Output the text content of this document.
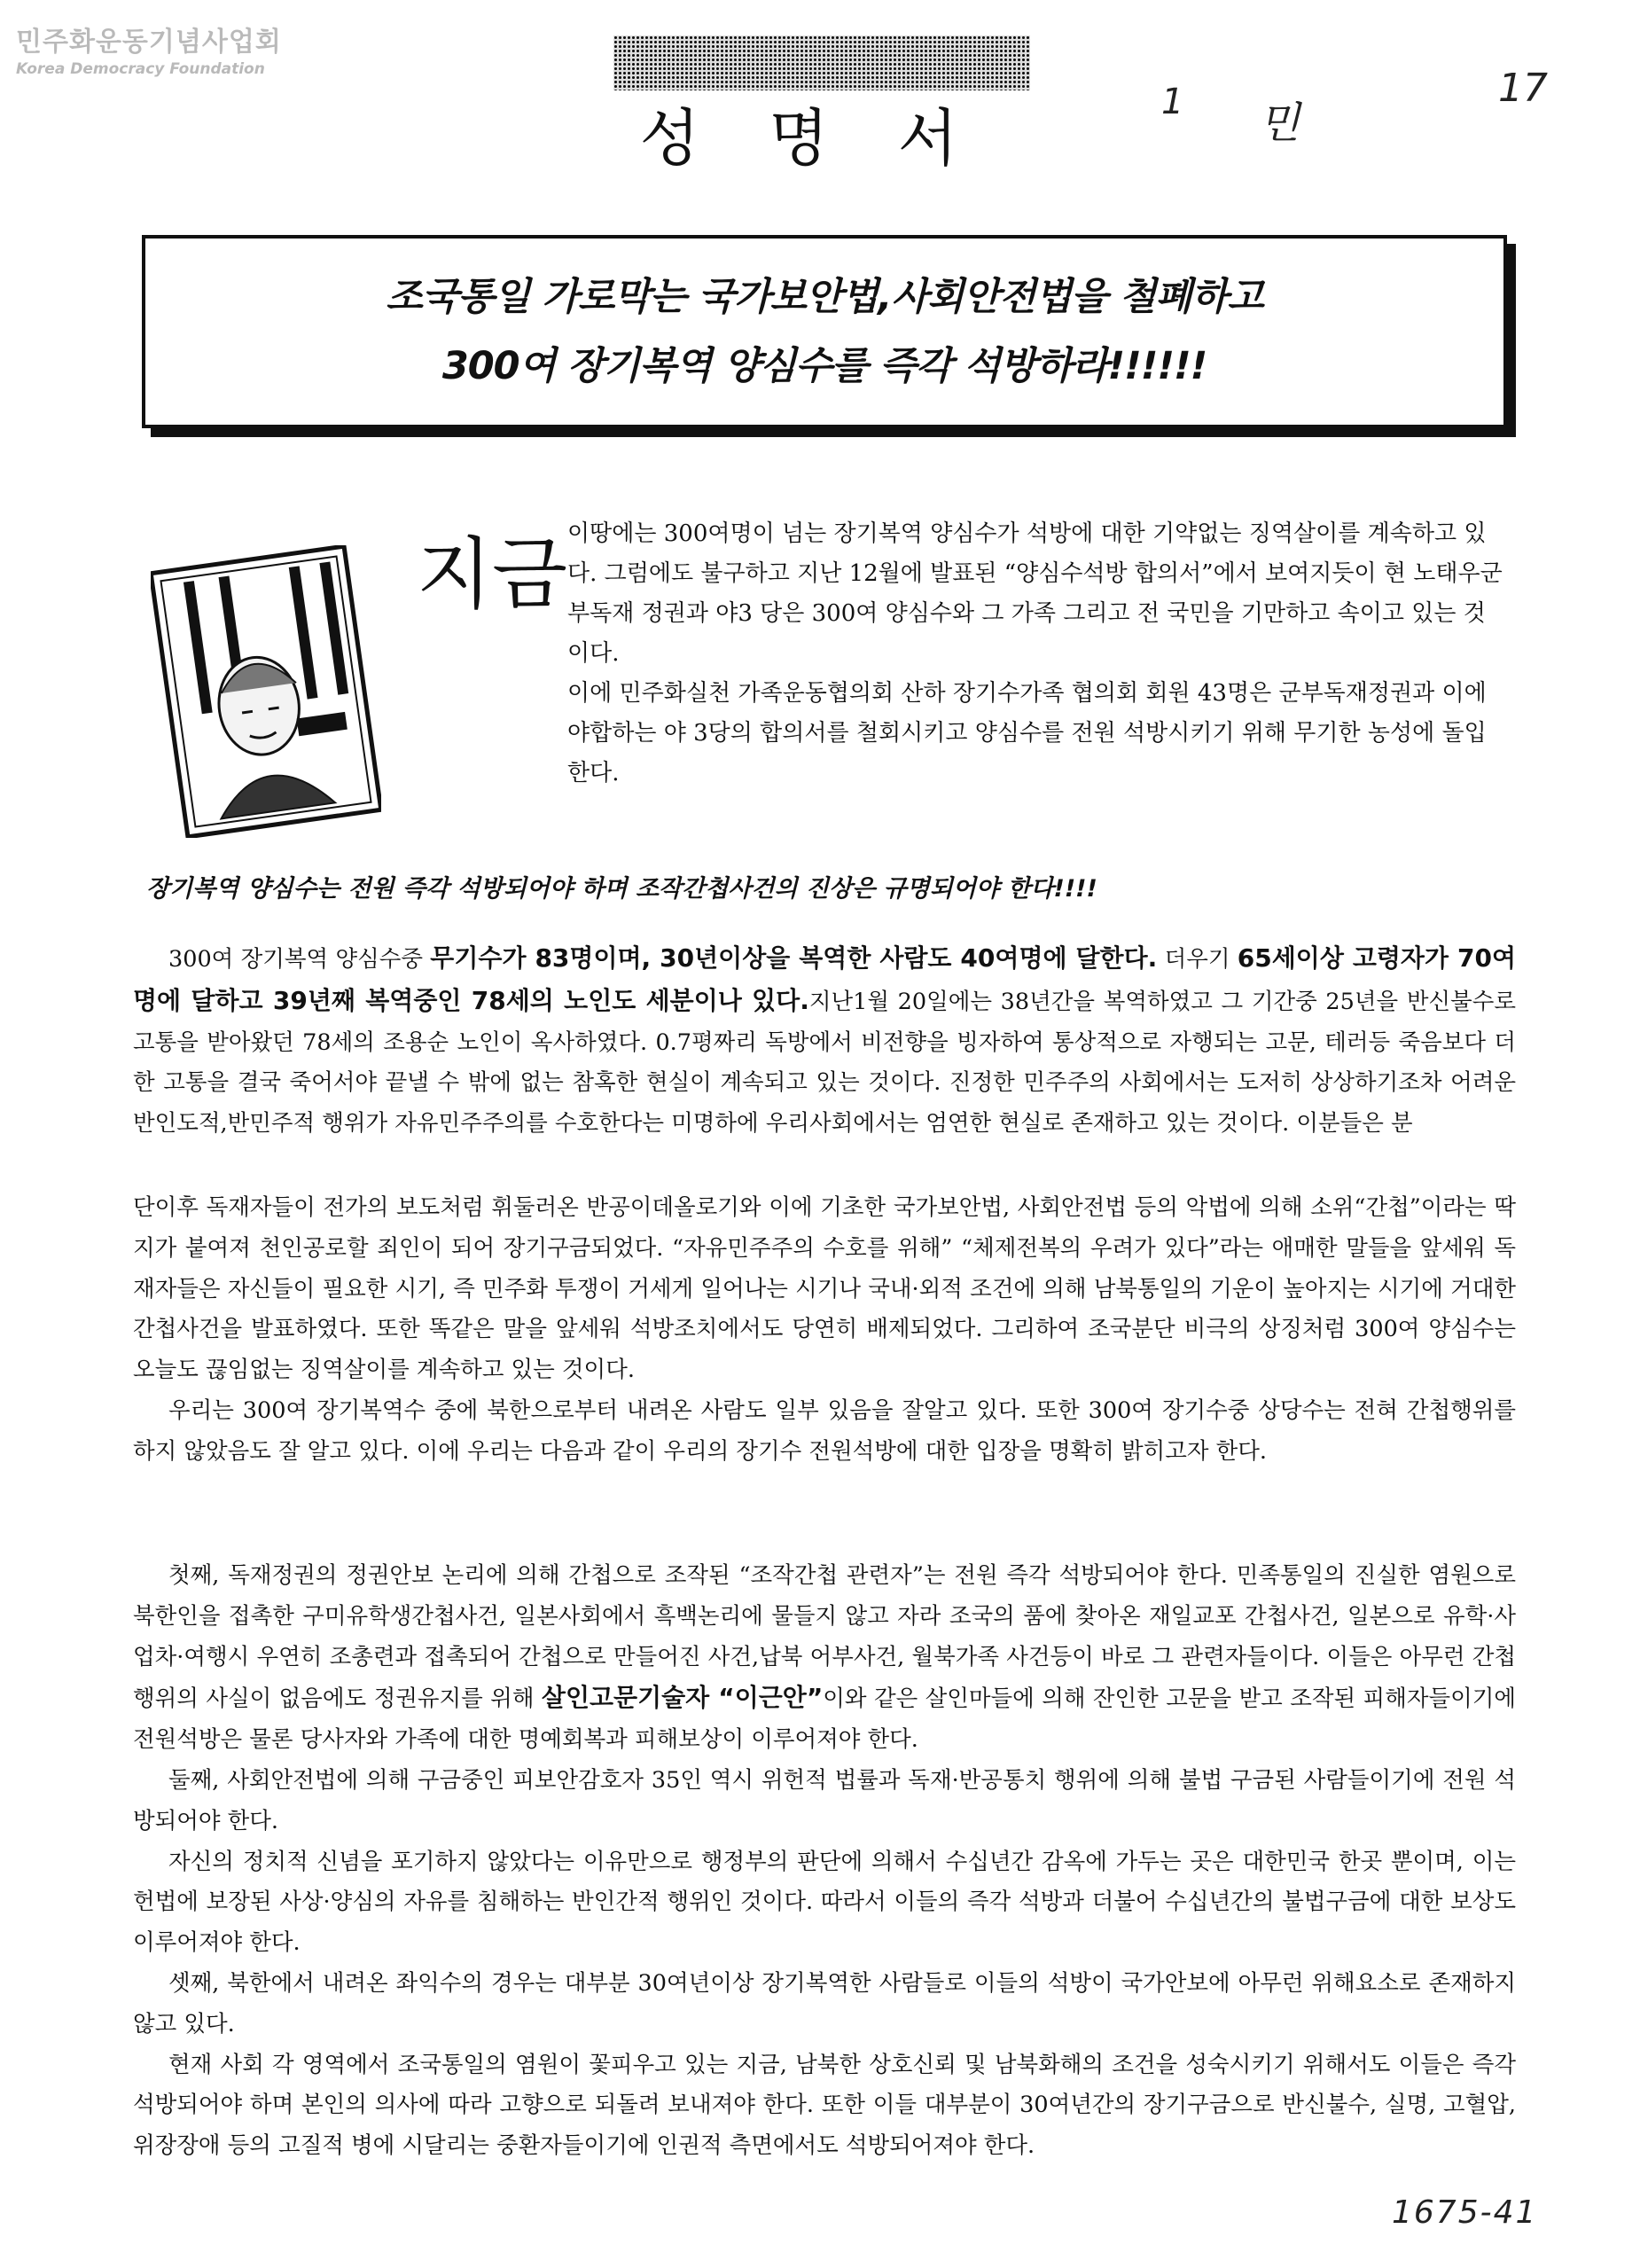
민주화운동기념사업회
Korea Democracy Foundation
성명서	1 민
17
조국통일 가로막는 국가보안법,사회안전법을 철폐하고
300여 장기복역 양심수를 즉각 석방하라!!!!!!
지금 이땅에는 300여명이 넘는 장기복역 양심수가 석방에 대한 기약없는 징역살이를 계속하고 있다. 그럼에도 불구하고 지난 12월에 발표된 “양심수석방 합의서”에서 보여지듯이 현 노태우군부독재 정권과 야3 당은 300여 양심수와 그 가족 그리고 전 국민을 기만하고 속이고 있는 것이다.

이에 민주화실천 가족운동협의회 산하 장기수가족 협의회 회원 43명은 군부독재정권과 이에 야합하는 야 3당의 합의서를 철회시키고 양심수를 전원 석방시키기 위해 무기한 농성에 돌입한다.

장기복역 양심수는 전원 즉각 석방되어야 하며 조작간첩사건의 진상은 규명되어야 한다!!!!

300여 장기복역 양심수중 무기수가 83명이며, 30년이상을 복역한 사람도 40여명에 달한다. 더우기 65세이상 고령자가 70여명에 달하고 39년째 복역중인 78세의 노인도 세분이나 있다.지난1월 20일에는 38년간을 복역하였고 그 기간중 25년을 반신불수로 고통을 받아왔던 78세의 조용순 노인이 옥사하였다. 0.7평짜리 독방에서 비전향을 빙자하여 통상적으로 자행되는 고문, 테러등 죽음보다 더한 고통을 결국 죽어서야 끝낼 수 밖에 없는 참혹한 현실이 계속되고 있는 것이다. 진정한 민주주의 사회에서는 도저히 상상하기조차 어려운 반인도적,반민주적 행위가 자유민주주의를 수호한다는 미명하에 우리사회에서는 엄연한 현실로 존재하고 있는 것이다. 이분들은 분

단이후 독재자들이 전가의 보도처럼 휘둘러온 반공이데올로기와 이에 기초한 국가보안법, 사회안전법 등의 악법에 의해 소위“간첩”이라는 딱지가 붙여져 천인공로할 죄인이 되어 장기구금되었다. “자유민주주의 수호를 위해” “체제전복의 우려가 있다”라는 애매한 말들을 앞세워 독재자들은 자신들이 필요한 시기, 즉 민주화 투쟁이 거세게 일어나는 시기나 국내·외적 조건에 의해 남북통일의 기운이 높아지는 시기에 거대한 간첩사건을 발표하였다. 또한 똑같은 말을 앞세워 석방조치에서도 당연히 배제되었다. 그리하여 조국분단 비극의 상징처럼 300여 양심수는 오늘도 끊임없는 징역살이를 계속하고 있는 것이다.

우리는 300여 장기복역수 중에 북한으로부터 내려온 사람도 일부 있음을 잘알고 있다. 또한 300여 장기수중 상당수는 전혀 간첩행위를 하지 않았음도 잘 알고 있다. 이에 우리는 다음과 같이 우리의 장기수 전원석방에 대한 입장을 명확히 밝히고자 한다.

첫째, 독재정권의 정권안보 논리에 의해 간첩으로 조작된 “조작간첩 관련자”는 전원 즉각 석방되어야 한다. 민족통일의 진실한 염원으로 북한인을 접촉한 구미유학생간첩사건, 일본사회에서 흑백논리에 물들지 않고 자라 조국의 품에 찾아온 재일교포 간첩사건, 일본으로 유학·사업차·여행시 우연히 조총련과 접촉되어 간첩으로 만들어진 사건,납북 어부사건, 월북가족 사건등이 바로 그 관련자들이다. 이들은 아무런 간첩행위의 사실이 없음에도 정권유지를 위해 살인고문기술자 “이근안”이와 같은 살인마들에 의해 잔인한 고문을 받고 조작된 피해자들이기에 전원석방은 물론 당사자와 가족에 대한 명예회복과 피해보상이 이루어져야 한다.

둘째, 사회안전법에 의해 구금중인 피보안감호자 35인 역시 위헌적 법률과 독재·반공통치 행위에 의해 불법 구금된 사람들이기에 전원 석방되어야 한다.

자신의 정치적 신념을 포기하지 않았다는 이유만으로 행정부의 판단에 의해서 수십년간 감옥에 가두는 곳은 대한민국 한곳 뿐이며, 이는 헌법에 보장된 사상·양심의 자유를 침해하는 반인간적 행위인 것이다. 따라서 이들의 즉각 석방과 더불어 수십년간의 불법구금에 대한 보상도 이루어져야 한다.

셋째, 북한에서 내려온 좌익수의 경우는 대부분 30여년이상 장기복역한 사람들로 이들의 석방이 국가안보에 아무런 위해요소로 존재하지 않고 있다.

현재 사회 각 영역에서 조국통일의 염원이 꽃피우고 있는 지금, 남북한 상호신뢰 및 남북화해의 조건을 성숙시키기 위해서도 이들은 즉각 석방되어야 하며 본인의 의사에 따라 고향으로 되돌려 보내져야 한다. 또한 이들 대부분이 30여년간의 장기구금으로 반신불수, 실명, 고혈압, 위장장애 등의 고질적 병에 시달리는 중환자들이기에 인권적 측면에서도 석방되어져야 한다.

1675-41
